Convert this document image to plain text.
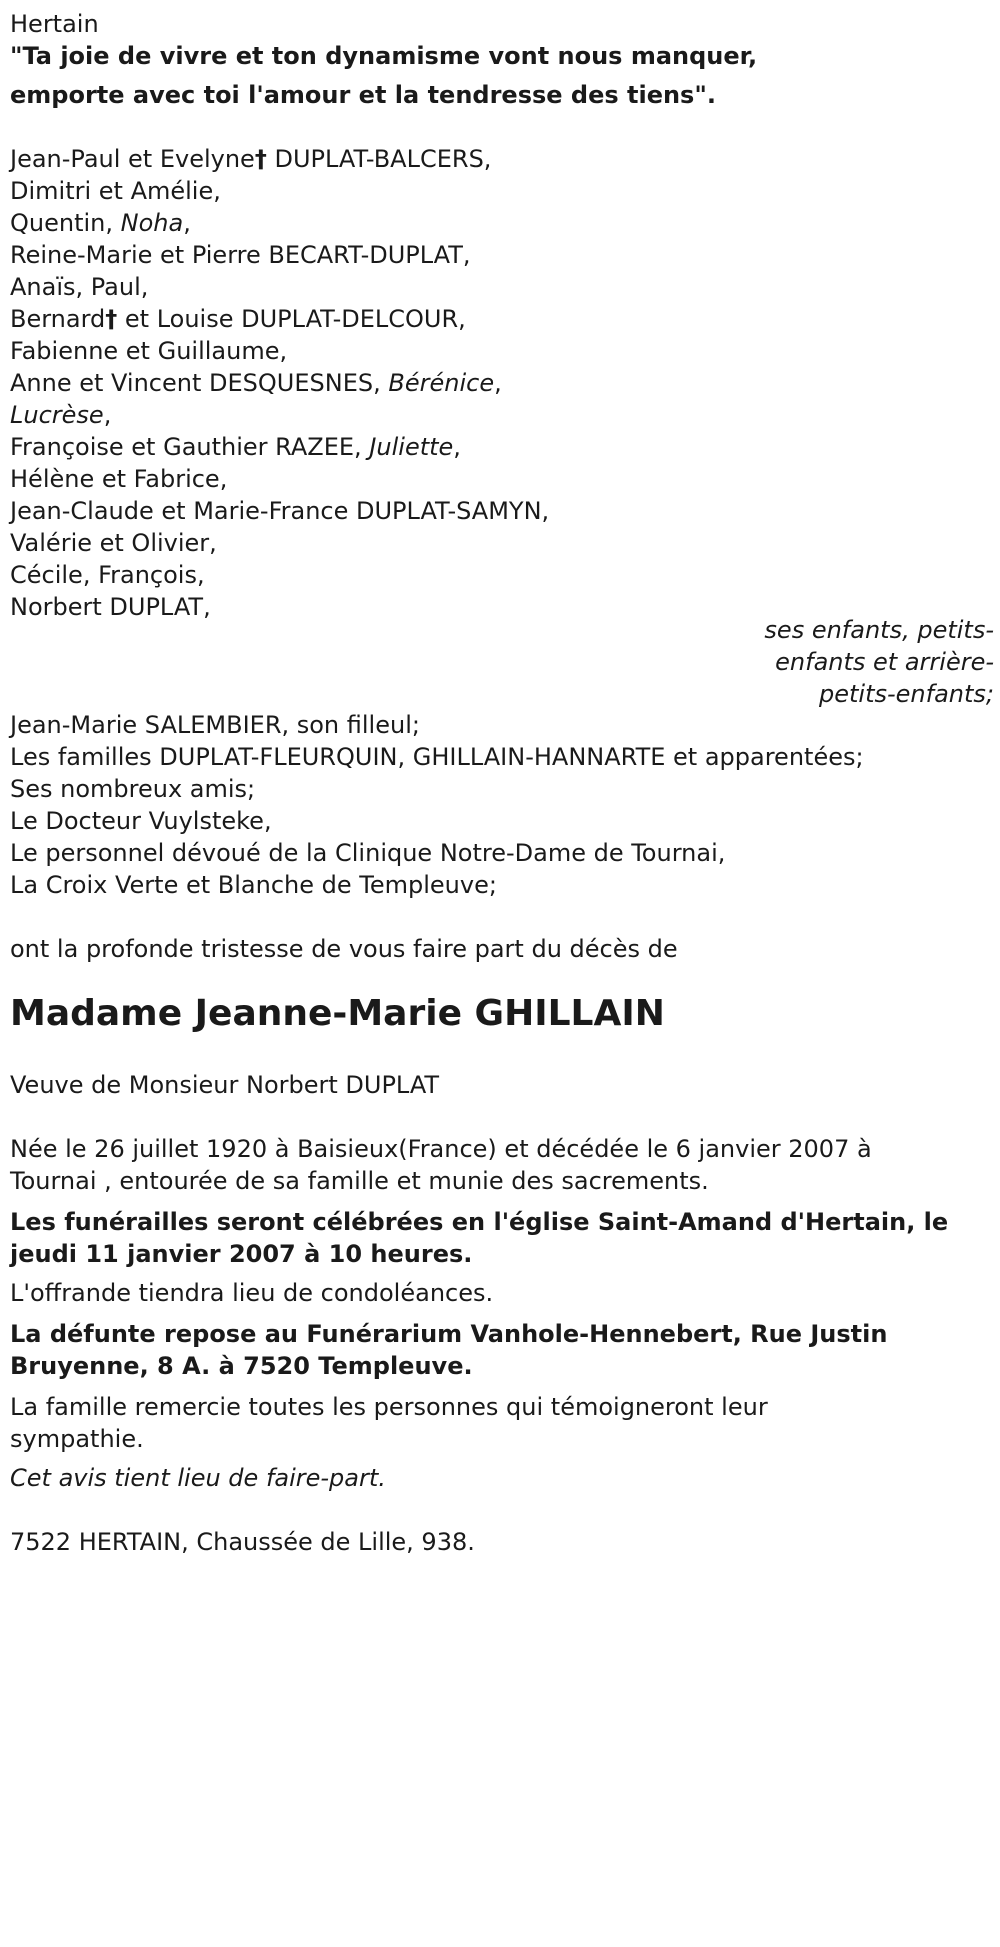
Hertain
"Ta joie de vivre et ton dynamisme vont nous manquer,
emporte avec toi l'amour et la tendresse des tiens".
Jean-Paul et Evelyne† DUPLAT-BALCERS,
Dimitri et Amélie,
Quentin, Noha,
Reine-Marie et Pierre BECART-DUPLAT,
Anaïs, Paul,
Bernard† et Louise DUPLAT-DELCOUR,
Fabienne et Guillaume,
Anne et Vincent DESQUESNES, Bérénice,
Lucrèse,
Françoise et Gauthier RAZEE, Juliette,
Hélène et Fabrice,
Jean-Claude et Marie-France DUPLAT-SAMYN,
Valérie et Olivier,
Cécile, François,
Norbert DUPLAT,
ses enfants, petits-
enfants et arrière-
petits-enfants;
Jean-Marie SALEMBIER, son filleul;
Les familles DUPLAT-FLEURQUIN, GHILLAIN-HANNARTE et apparentées;
Ses nombreux amis;
Le Docteur Vuylsteke,
Le personnel dévoué de la Clinique Notre-Dame de Tournai,
La Croix Verte et Blanche de Templeuve;
ont la profonde tristesse de vous faire part du décès de
Madame Jeanne-Marie GHILLAIN
Veuve de Monsieur Norbert DUPLAT
Née le 26 juillet 1920 à Baisieux(France) et décédée le 6 janvier 2007 à
Tournai , entourée de sa famille et munie des sacrements.
Les funérailles seront célébrées en l'église Saint-Amand d'Hertain, le
jeudi 11 janvier 2007 à 10 heures.
L'offrande tiendra lieu de condoléances.
La défunte repose au Funérarium Vanhole-Hennebert, Rue Justin
Bruyenne, 8 A. à 7520 Templeuve.
La famille remercie toutes les personnes qui témoigneront leur
sympathie.
Cet avis tient lieu de faire-part.
7522 HERTAIN, Chaussée de Lille, 938.
